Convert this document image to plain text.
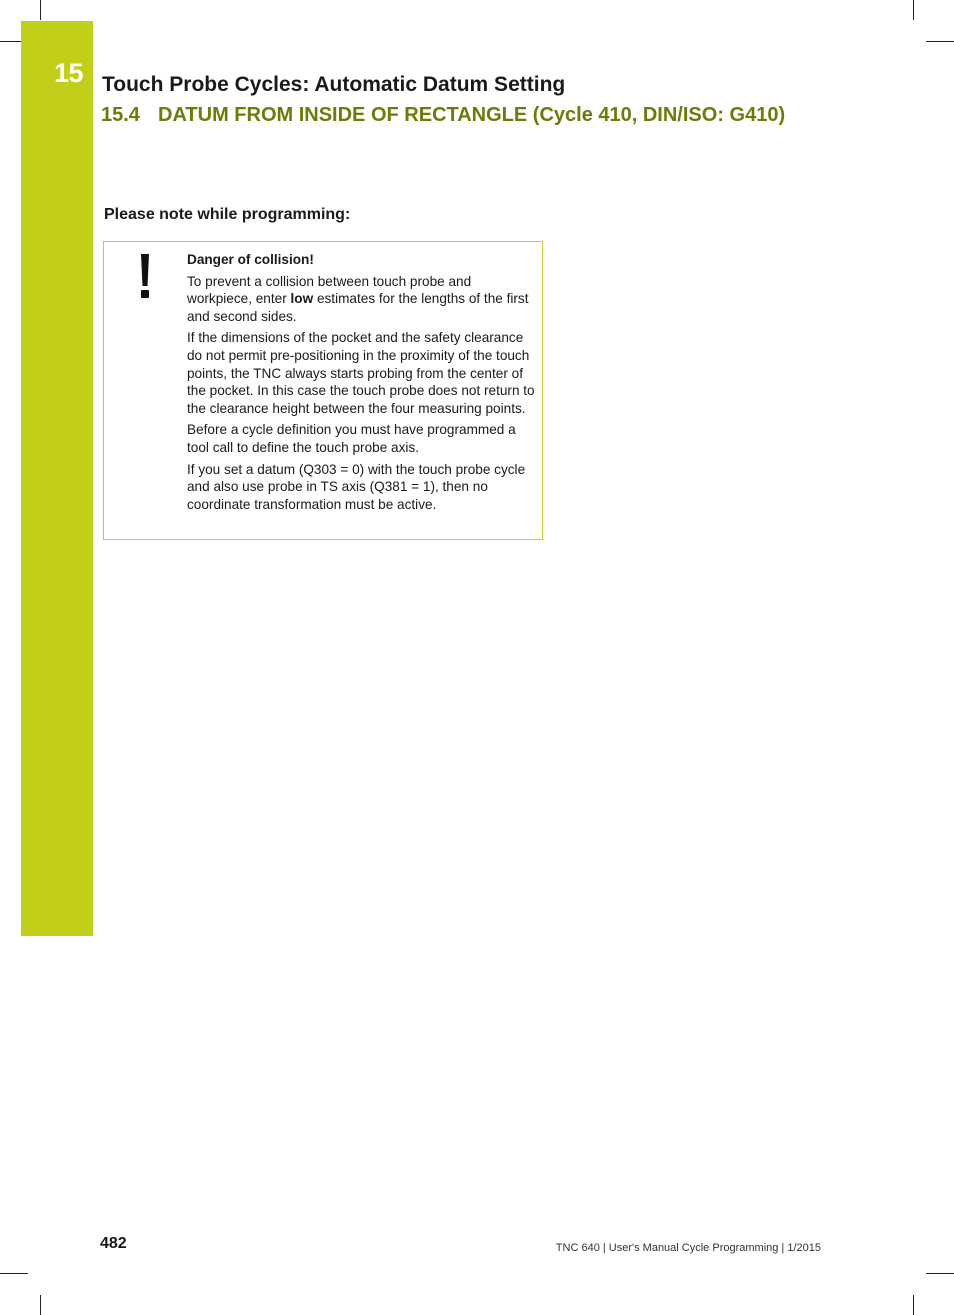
15 Touch Probe Cycles: Automatic Datum Setting
15.4 DATUM FROM INSIDE OF RECTANGLE (Cycle 410, DIN/ISO: G410)
Please note while programming:
Danger of collision!

To prevent a collision between touch probe and workpiece, enter low estimates for the lengths of the first and second sides.

If the dimensions of the pocket and the safety clearance do not permit pre-positioning in the proximity of the touch points, the TNC always starts probing from the center of the pocket. In this case the touch probe does not return to the clearance height between the four measuring points.

Before a cycle definition you must have programmed a tool call to define the touch probe axis.

If you set a datum (Q303 = 0) with the touch probe cycle and also use probe in TS axis (Q381 = 1), then no coordinate transformation must be active.

482	TNC 640 | User's Manual Cycle Programming | 1/2015
